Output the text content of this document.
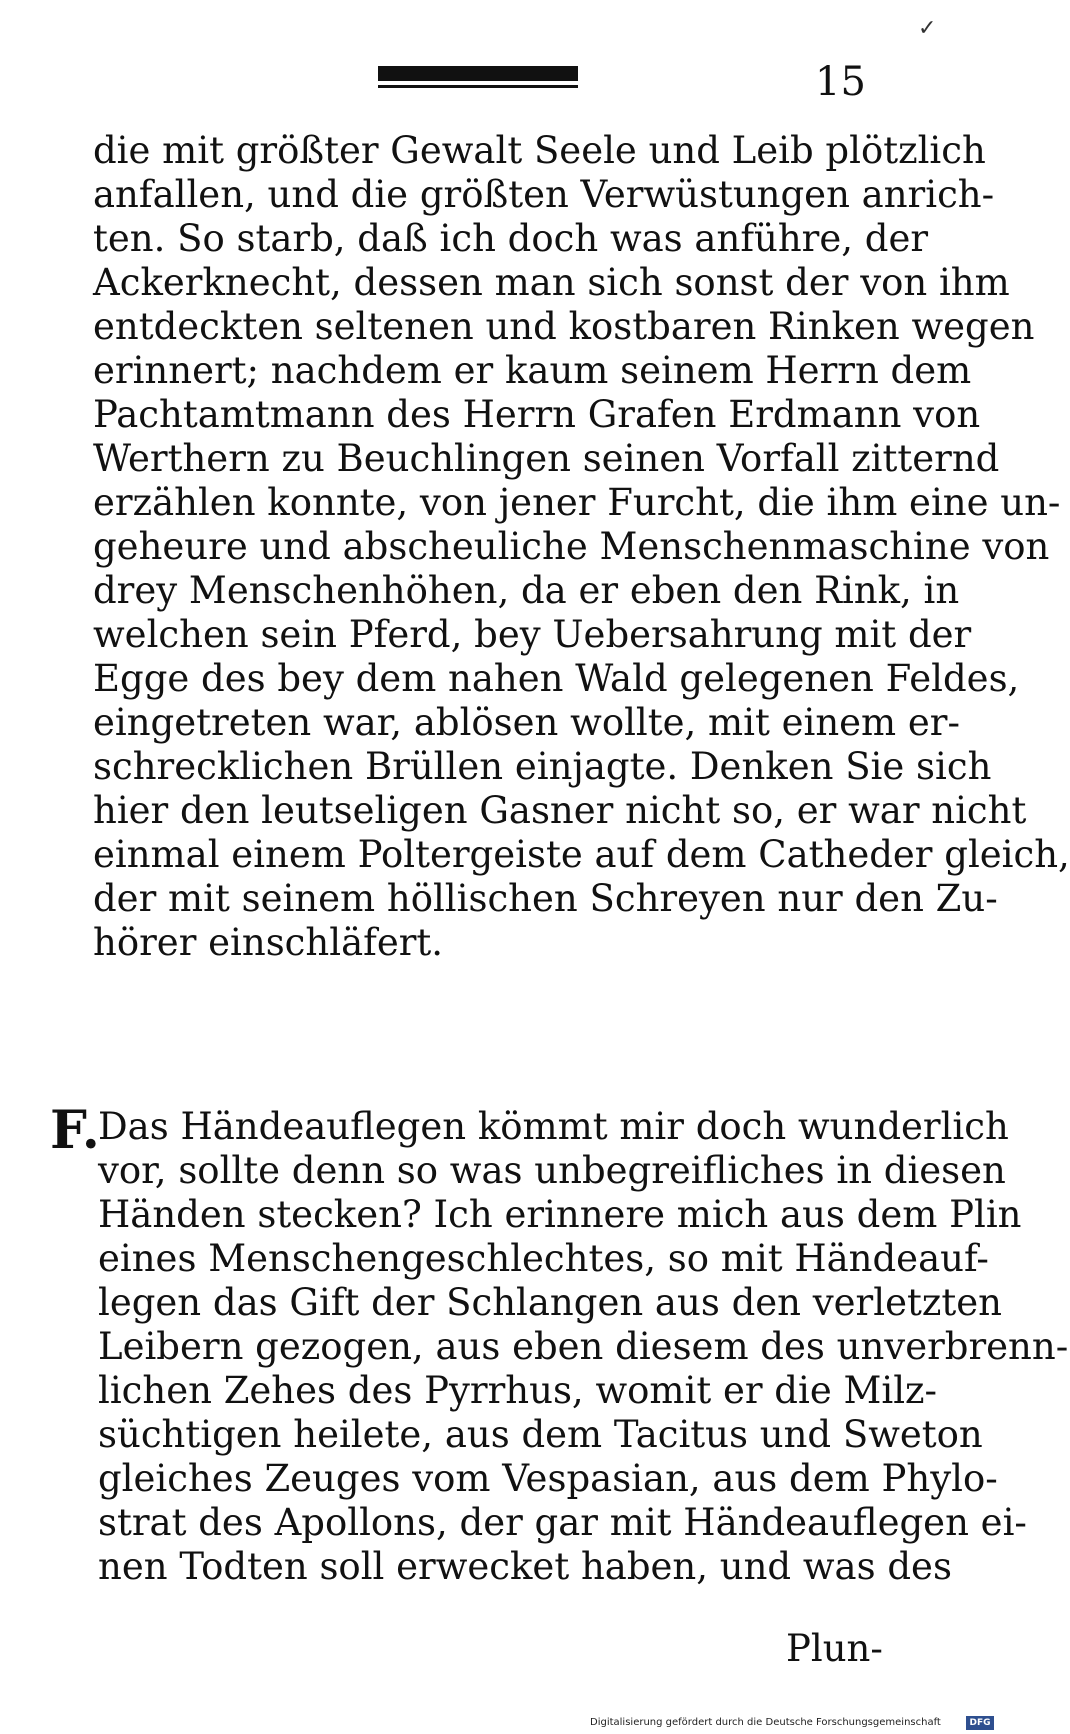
15
✓
die mit größter Gewalt Seele und Leib plötzlich
anfallen, und die größten Verwüstungen anrich-
ten. So starb, daß ich doch was anführe, der
Ackerknecht, dessen man sich sonst der von ihm
entdeckten seltenen und kostbaren Rinken wegen
erinnert; nachdem er kaum seinem Herrn dem
Pachtamtmann des Herrn Grafen Erdmann von
Werthern zu Beuchlingen seinen Vorfall zitternd
erzählen konnte, von jener Furcht, die ihm eine un-
geheure und abscheuliche Menschenmaschine von
drey Menschenhöhen, da er eben den Rink, in
welchen sein Pferd, bey Uebersahrung mit der
Egge des bey dem nahen Wald gelegenen Feldes,
eingetreten war, ablösen wollte, mit einem er-
schrecklichen Brüllen einjagte. Denken Sie sich
hier den leutseligen Gasner nicht so, er war nicht
einmal einem Poltergeiste auf dem Catheder gleich,
der mit seinem höllischen Schreyen nur den Zu-
hörer einschläfert.
F.
Das Händeauflegen kömmt mir doch wunderlich
vor, sollte denn so was unbegreifliches in diesen
Händen stecken? Ich erinnere mich aus dem Plin
eines Menschengeschlechtes, so mit Händeauf-
legen das Gift der Schlangen aus den verletzten
Leibern gezogen, aus eben diesem des unverbrenn-
lichen Zehes des Pyrrhus, womit er die Milz-
süchtigen heilete, aus dem Tacitus und Sweton
gleiches Zeuges vom Vespasian, aus dem Phylo-
strat des Apollons, der gar mit Händeauflegen ei-
nen Todten soll erwecket haben, und was des
Plun-
Digitalisierung gefördert durch die Deutsche Forschungsgemeinschaft	DFG
